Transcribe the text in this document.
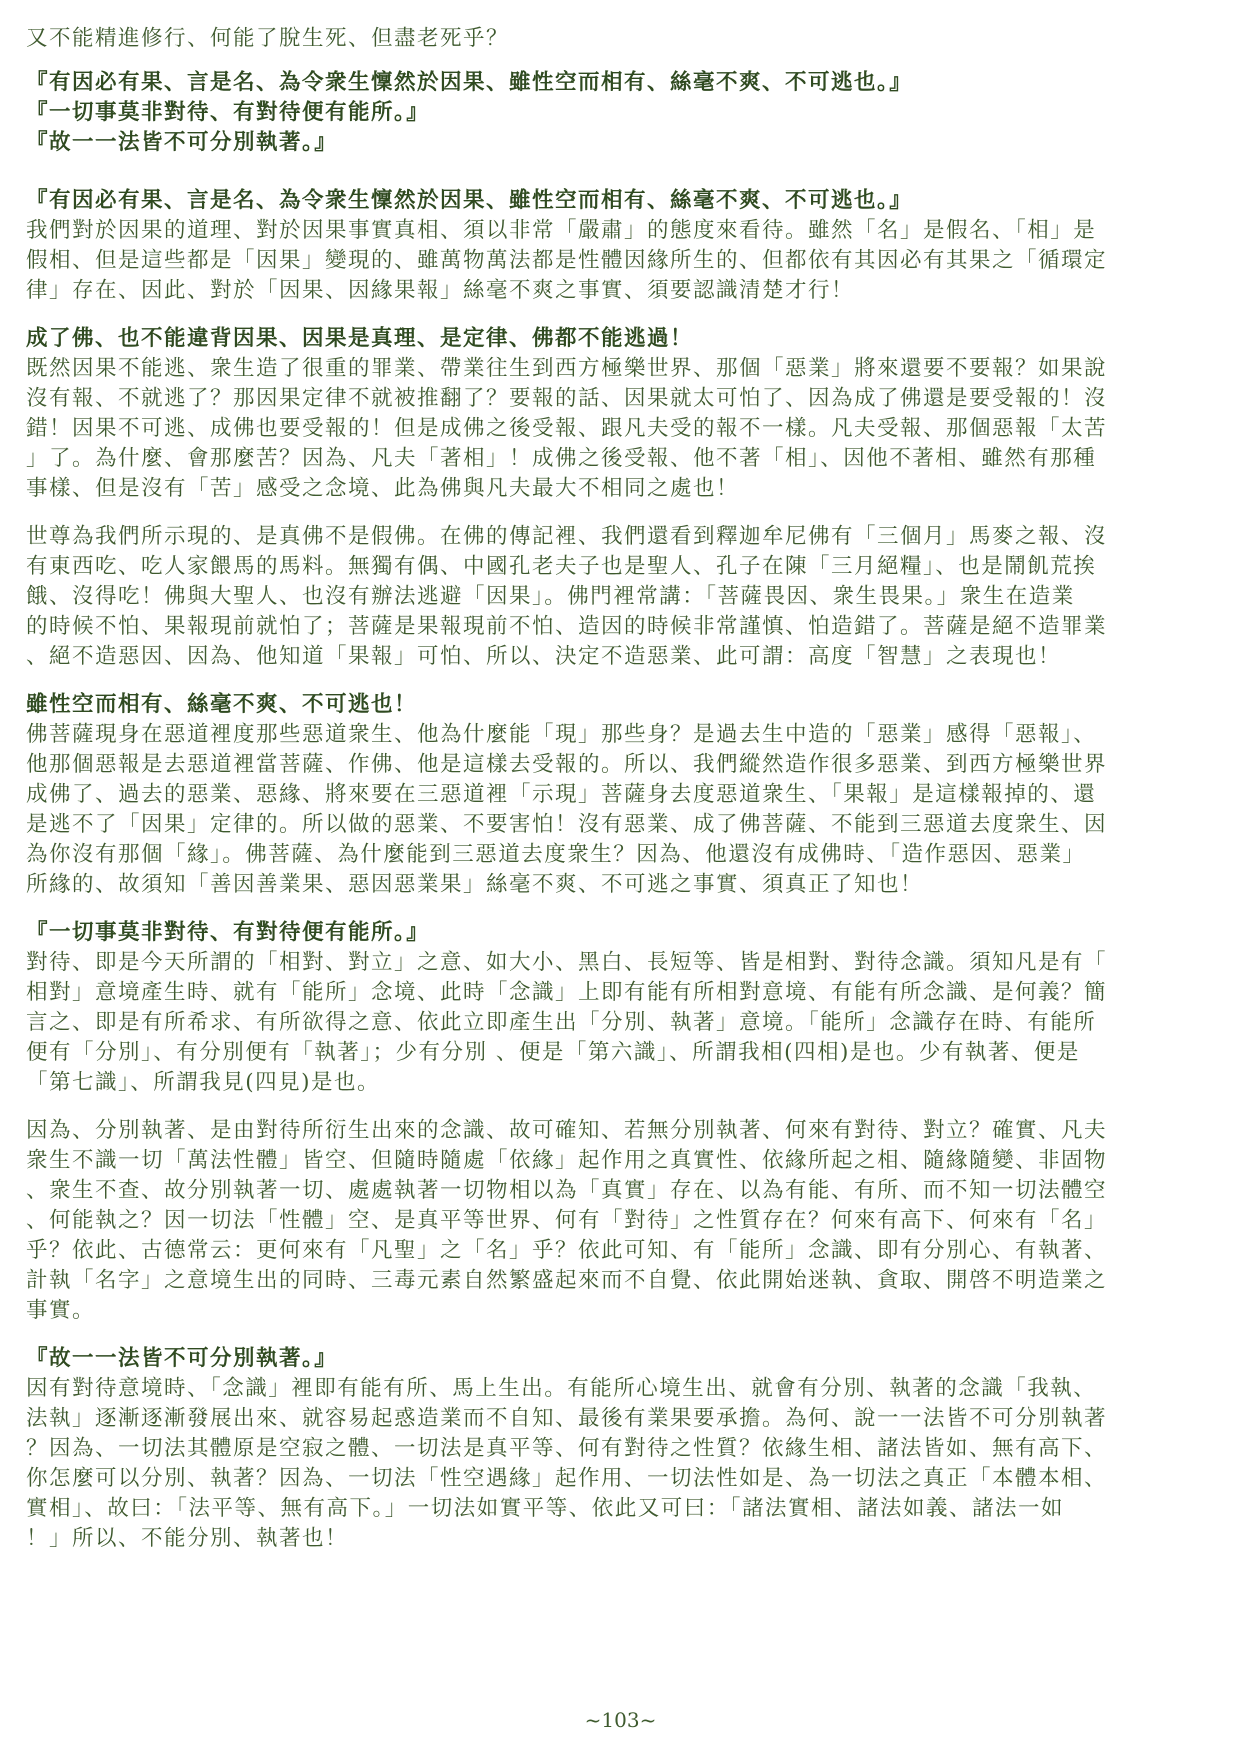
又不能精進修行、何能了脫生死、但盡老死乎？
『有因必有果、言是名、為令衆生懍然於因果、雖性空而相有、絲毫不爽、不可逃也。』
『一切事莫非對待、有對待便有能所。』
『故一一法皆不可分別執著。』
『有因必有果、言是名、為令衆生懍然於因果、雖性空而相有、絲毫不爽、不可逃也。』
我們對於因果的道理、對於因果事實真相、須以非常「嚴肅」的態度來看待。雖然「名」是假名、「相」是
假相、但是這些都是「因果」變現的、雖萬物萬法都是性體因緣所生的、但都依有其因必有其果之「循環定
律」存在、因此、對於「因果、因緣果報」絲毫不爽之事實、須要認識清楚才行！
成了佛、也不能違背因果、因果是真理、是定律、佛都不能逃過！
既然因果不能逃、衆生造了很重的罪業、帶業往生到西方極樂世界、那個「惡業」將來還要不要報？如果說
沒有報、不就逃了？那因果定律不就被推翻了？要報的話、因果就太可怕了、因為成了佛還是要受報的！沒
錯！因果不可逃、成佛也要受報的！但是成佛之後受報、跟凡夫受的報不一樣。凡夫受報、那個惡報「太苦
」了。為什麼、會那麼苦？因為、凡夫「著相」！成佛之後受報、他不著「相」、因他不著相、雖然有那種
事樣、但是沒有「苦」感受之念境、此為佛與凡夫最大不相同之處也！
世尊為我們所示現的、是真佛不是假佛。在佛的傳記裡、我們還看到釋迦牟尼佛有「三個月」馬麥之報、沒
有東西吃、吃人家餵馬的馬料。無獨有偶、中國孔老夫子也是聖人、孔子在陳「三月絕糧」、也是鬧飢荒挨
餓、沒得吃！佛與大聖人、也沒有辦法逃避「因果」。佛門裡常講：「菩薩畏因、衆生畏果。」衆生在造業
的時候不怕、果報現前就怕了；菩薩是果報現前不怕、造因的時候非常謹慎、怕造錯了。菩薩是絕不造罪業
、絕不造惡因、因為、他知道「果報」可怕、所以、決定不造惡業、此可謂：高度「智慧」之表現也！
雖性空而相有、絲毫不爽、不可逃也！
佛菩薩現身在惡道裡度那些惡道衆生、他為什麼能「現」那些身？是過去生中造的「惡業」感得「惡報」、
他那個惡報是去惡道裡當菩薩、作佛、他是這樣去受報的。所以、我們縱然造作很多惡業、到西方極樂世界
成佛了、過去的惡業、惡緣、將來要在三惡道裡「示現」菩薩身去度惡道衆生、「果報」是這樣報掉的、還
是逃不了「因果」定律的。所以做的惡業、不要害怕！沒有惡業、成了佛菩薩、不能到三惡道去度衆生、因
為你沒有那個「緣」。佛菩薩、為什麼能到三惡道去度衆生？因為、他還沒有成佛時、「造作惡因、惡業」
所緣的、故須知「善因善業果、惡因惡業果」絲毫不爽、不可逃之事實、須真正了知也！
『一切事莫非對待、有對待便有能所。』
對待、即是今天所謂的「相對、對立」之意、如大小、黑白、長短等、皆是相對、對待念識。須知凡是有「
相對」意境產生時、就有「能所」念境、此時「念識」上即有能有所相對意境、有能有所念識、是何義？簡
言之、即是有所希求、有所欲得之意、依此立即產生出「分別、執著」意境。「能所」念識存在時、有能所
便有「分別」、有分別便有「執著」；少有分別 、便是「第六識」、所謂我相(四相)是也。少有執著、便是
「第七識」、所謂我見(四見)是也。
因為、分別執著、是由對待所衍生出來的念識、故可確知、若無分別執著、何來有對待、對立？確實、凡夫
衆生不識一切「萬法性體」皆空、但隨時隨處「依緣」起作用之真實性、依緣所起之相、隨緣隨變、非固物
、衆生不查、故分別執著一切、處處執著一切物相以為「真實」存在、以為有能、有所、而不知一切法體空
、何能執之？因一切法「性體」空、是真平等世界、何有「對待」之性質存在？何來有高下、何來有「名」
乎？依此、古德常云：更何來有「凡聖」之「名」乎？依此可知、有「能所」念識、即有分別心、有執著、
計執「名字」之意境生出的同時、三毒元素自然繁盛起來而不自覺、依此開始迷執、貪取、開啓不明造業之
事實。
『故一一法皆不可分別執著。』
因有對待意境時、「念識」裡即有能有所、馬上生出。有能所心境生出、就會有分別、執著的念識「我執、
法執」逐漸逐漸發展出來、就容易起惑造業而不自知、最後有業果要承擔。為何、說一一法皆不可分別執著
？因為、一切法其體原是空寂之體、一切法是真平等、何有對待之性質？依緣生相、諸法皆如、無有高下、
你怎麼可以分別、執著？因為、一切法「性空遇緣」起作用、一切法性如是、為一切法之真正「本體本相、
實相」、故曰：「法平等、無有高下。」一切法如實平等、依此又可曰：「諸法實相、諸法如義、諸法一如
！」所以、不能分別、執著也！
~103~
